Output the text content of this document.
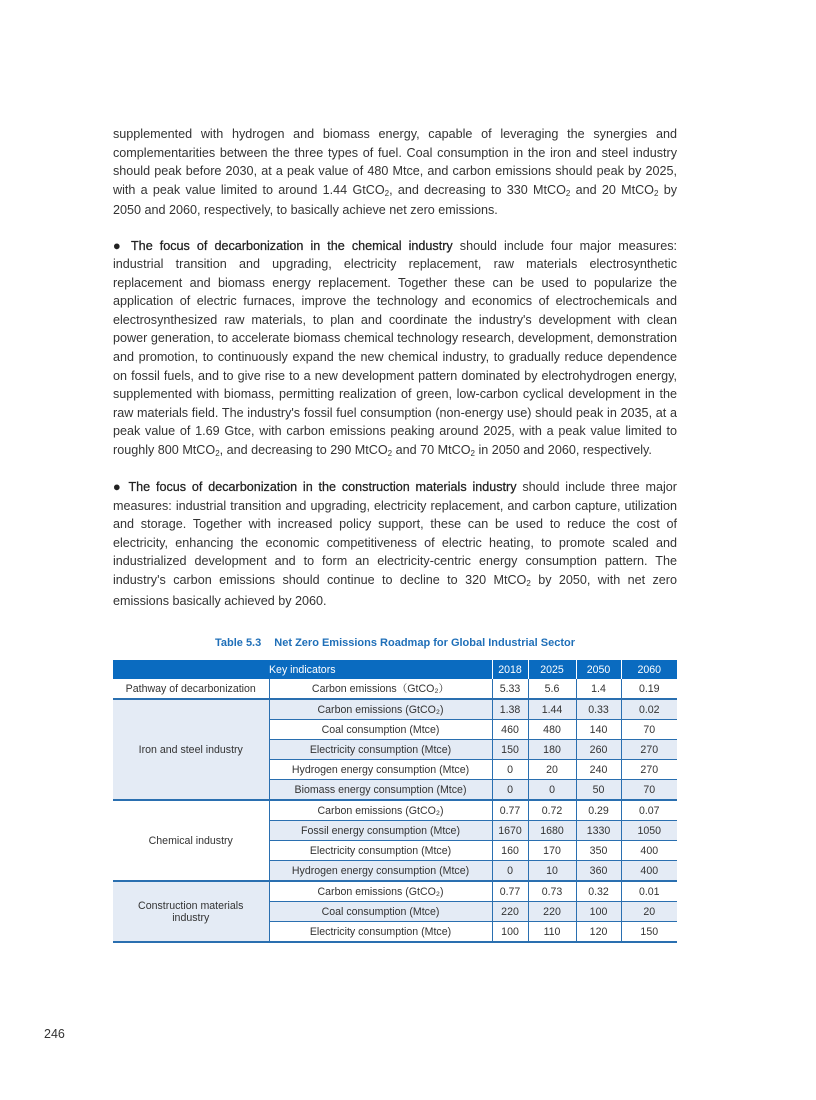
supplemented with hydrogen and biomass energy, capable of leveraging the synergies and complementarities between the three types of fuel. Coal consumption in the iron and steel industry should peak before 2030, at a peak value of 480 Mtce, and carbon emissions should peak by 2025, with a peak value limited to around 1.44 GtCO$_2$, and decreasing to 330 MtCO$_2$ and 20 MtCO$_2$ by 2050 and 2060, respectively, to basically achieve net zero emissions.

● The focus of decarbonization in the chemical industry should include four major measures: industrial transition and upgrading, electricity replacement, raw materials electrosynthetic replacement and biomass energy replacement. Together these can be used to popularize the application of electric furnaces, improve the technology and economics of electrochemicals and electrosynthesized raw materials, to plan and coordinate the industry's development with clean power generation, to accelerate biomass chemical technology research, development, demonstration and promotion, to continuously expand the new chemical industry, to gradually reduce dependence on fossil fuels, and to give rise to a new development pattern dominated by electrohydrogen energy, supplemented with biomass, permitting realization of green, low-carbon cyclical development in the raw materials field. The industry's fossil fuel consumption (non-energy use) should peak in 2035, at a peak value of 1.69 Gtce, with carbon emissions peaking around 2025, with a peak value limited to roughly 800 MtCO$_2$, and decreasing to 290 MtCO$_2$ and 70 MtCO$_2$ in 2050 and 2060, respectively.

● The focus of decarbonization in the construction materials industry should include three major measures: industrial transition and upgrading, electricity replacement, and carbon capture, utilization and storage. Together with increased policy support, these can be used to reduce the cost of electricity, enhancing the economic competitiveness of electric heating, to promote scaled and industrialized development and to form an electricity-centric energy consumption pattern. The industry's carbon emissions should continue to decline to 320 MtCO$_2$ by 2050, with net zero emissions basically achieved by 2060.

Table 5.3 Net Zero Emissions Roadmap for Global Industrial Sector
Key indicators		2018	2025	2050	2060
Pathway of decarbonization	Carbon emissions（GtCO₂）	5.33	5.6	1.4	0.19
Iron and steel industry	Carbon emissions (GtCO₂)	1.38	1.44	0.33	0.02
	Coal consumption (Mtce)	460	480	140	70
	Electricity consumption (Mtce)	150	180	260	270
	Hydrogen energy consumption (Mtce)	0	20	240	270
	Biomass energy consumption (Mtce)	0	0	50	70
Chemical industry	Carbon emissions (GtCO₂)	0.77	0.72	0.29	0.07
	Fossil energy consumption (Mtce)	1670	1680	1330	1050
	Electricity consumption (Mtce)	160	170	350	400
	Hydrogen energy consumption (Mtce)	0	10	360	400
Construction materials industry	Carbon emissions (GtCO₂)	0.77	0.73	0.32	0.01
	Coal consumption (Mtce)	220	220	100	20
	Electricity consumption (Mtce)	100	110	120	150
246
